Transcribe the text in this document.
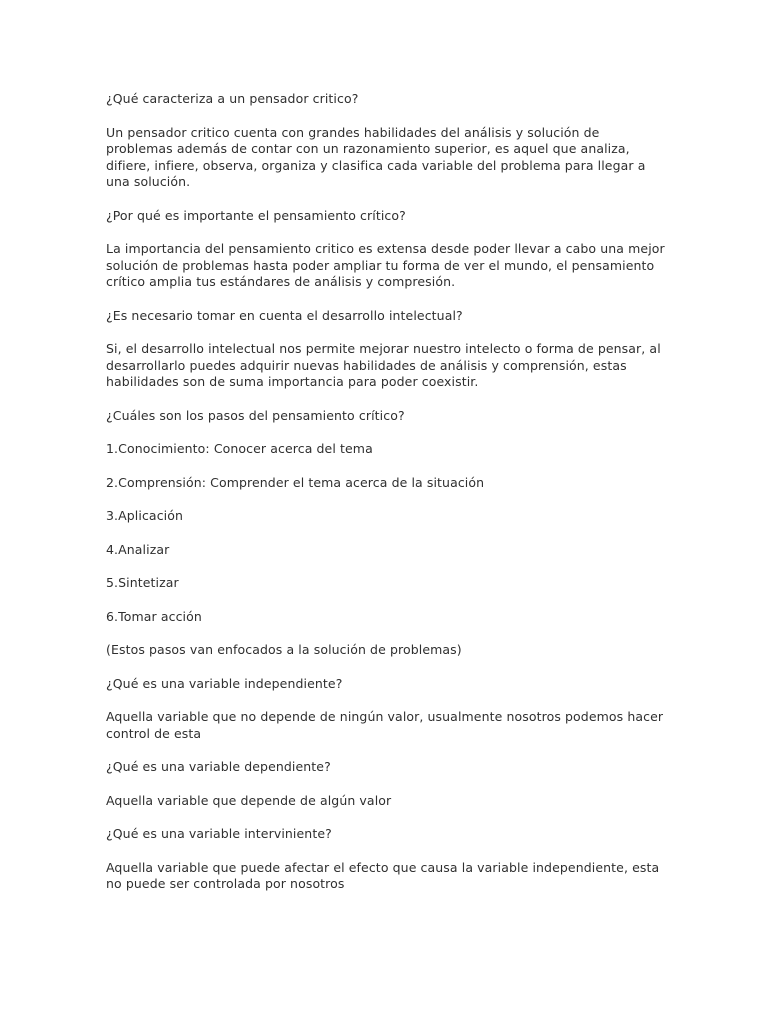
¿Qué caracteriza a un pensador critico?

Un pensador critico cuenta con grandes habilidades del análisis y solución de problemas además de contar con un razonamiento superior, es aquel que analiza, difiere, infiere, observa, organiza y clasifica cada variable del problema para llegar a una solución.

¿Por qué es importante el pensamiento crítico?

La importancia del pensamiento critico es extensa desde poder llevar a cabo una mejor solución de problemas hasta poder ampliar tu forma de ver el mundo, el pensamiento crítico amplia tus estándares de análisis y compresión.

¿Es necesario tomar en cuenta el desarrollo intelectual?

Si, el desarrollo intelectual nos permite mejorar nuestro intelecto o forma de pensar, al desarrollarlo puedes adquirir nuevas habilidades de análisis y comprensión, estas habilidades son de suma importancia para poder coexistir.

¿Cuáles son los pasos del pensamiento crítico?

1.Conocimiento: Conocer acerca del tema

2.Comprensión: Comprender el tema acerca de la situación

3.Aplicación

4.Analizar

5.Sintetizar

6.Tomar acción

(Estos pasos van enfocados a la solución de problemas)

¿Qué es una variable independiente?

Aquella variable que no depende de ningún valor, usualmente nosotros podemos hacer control de esta

¿Qué es una variable dependiente?

Aquella variable que depende de algún valor

¿Qué es una variable interviniente?

Aquella variable que puede afectar el efecto que causa la variable independiente, esta no puede ser controlada por nosotros
